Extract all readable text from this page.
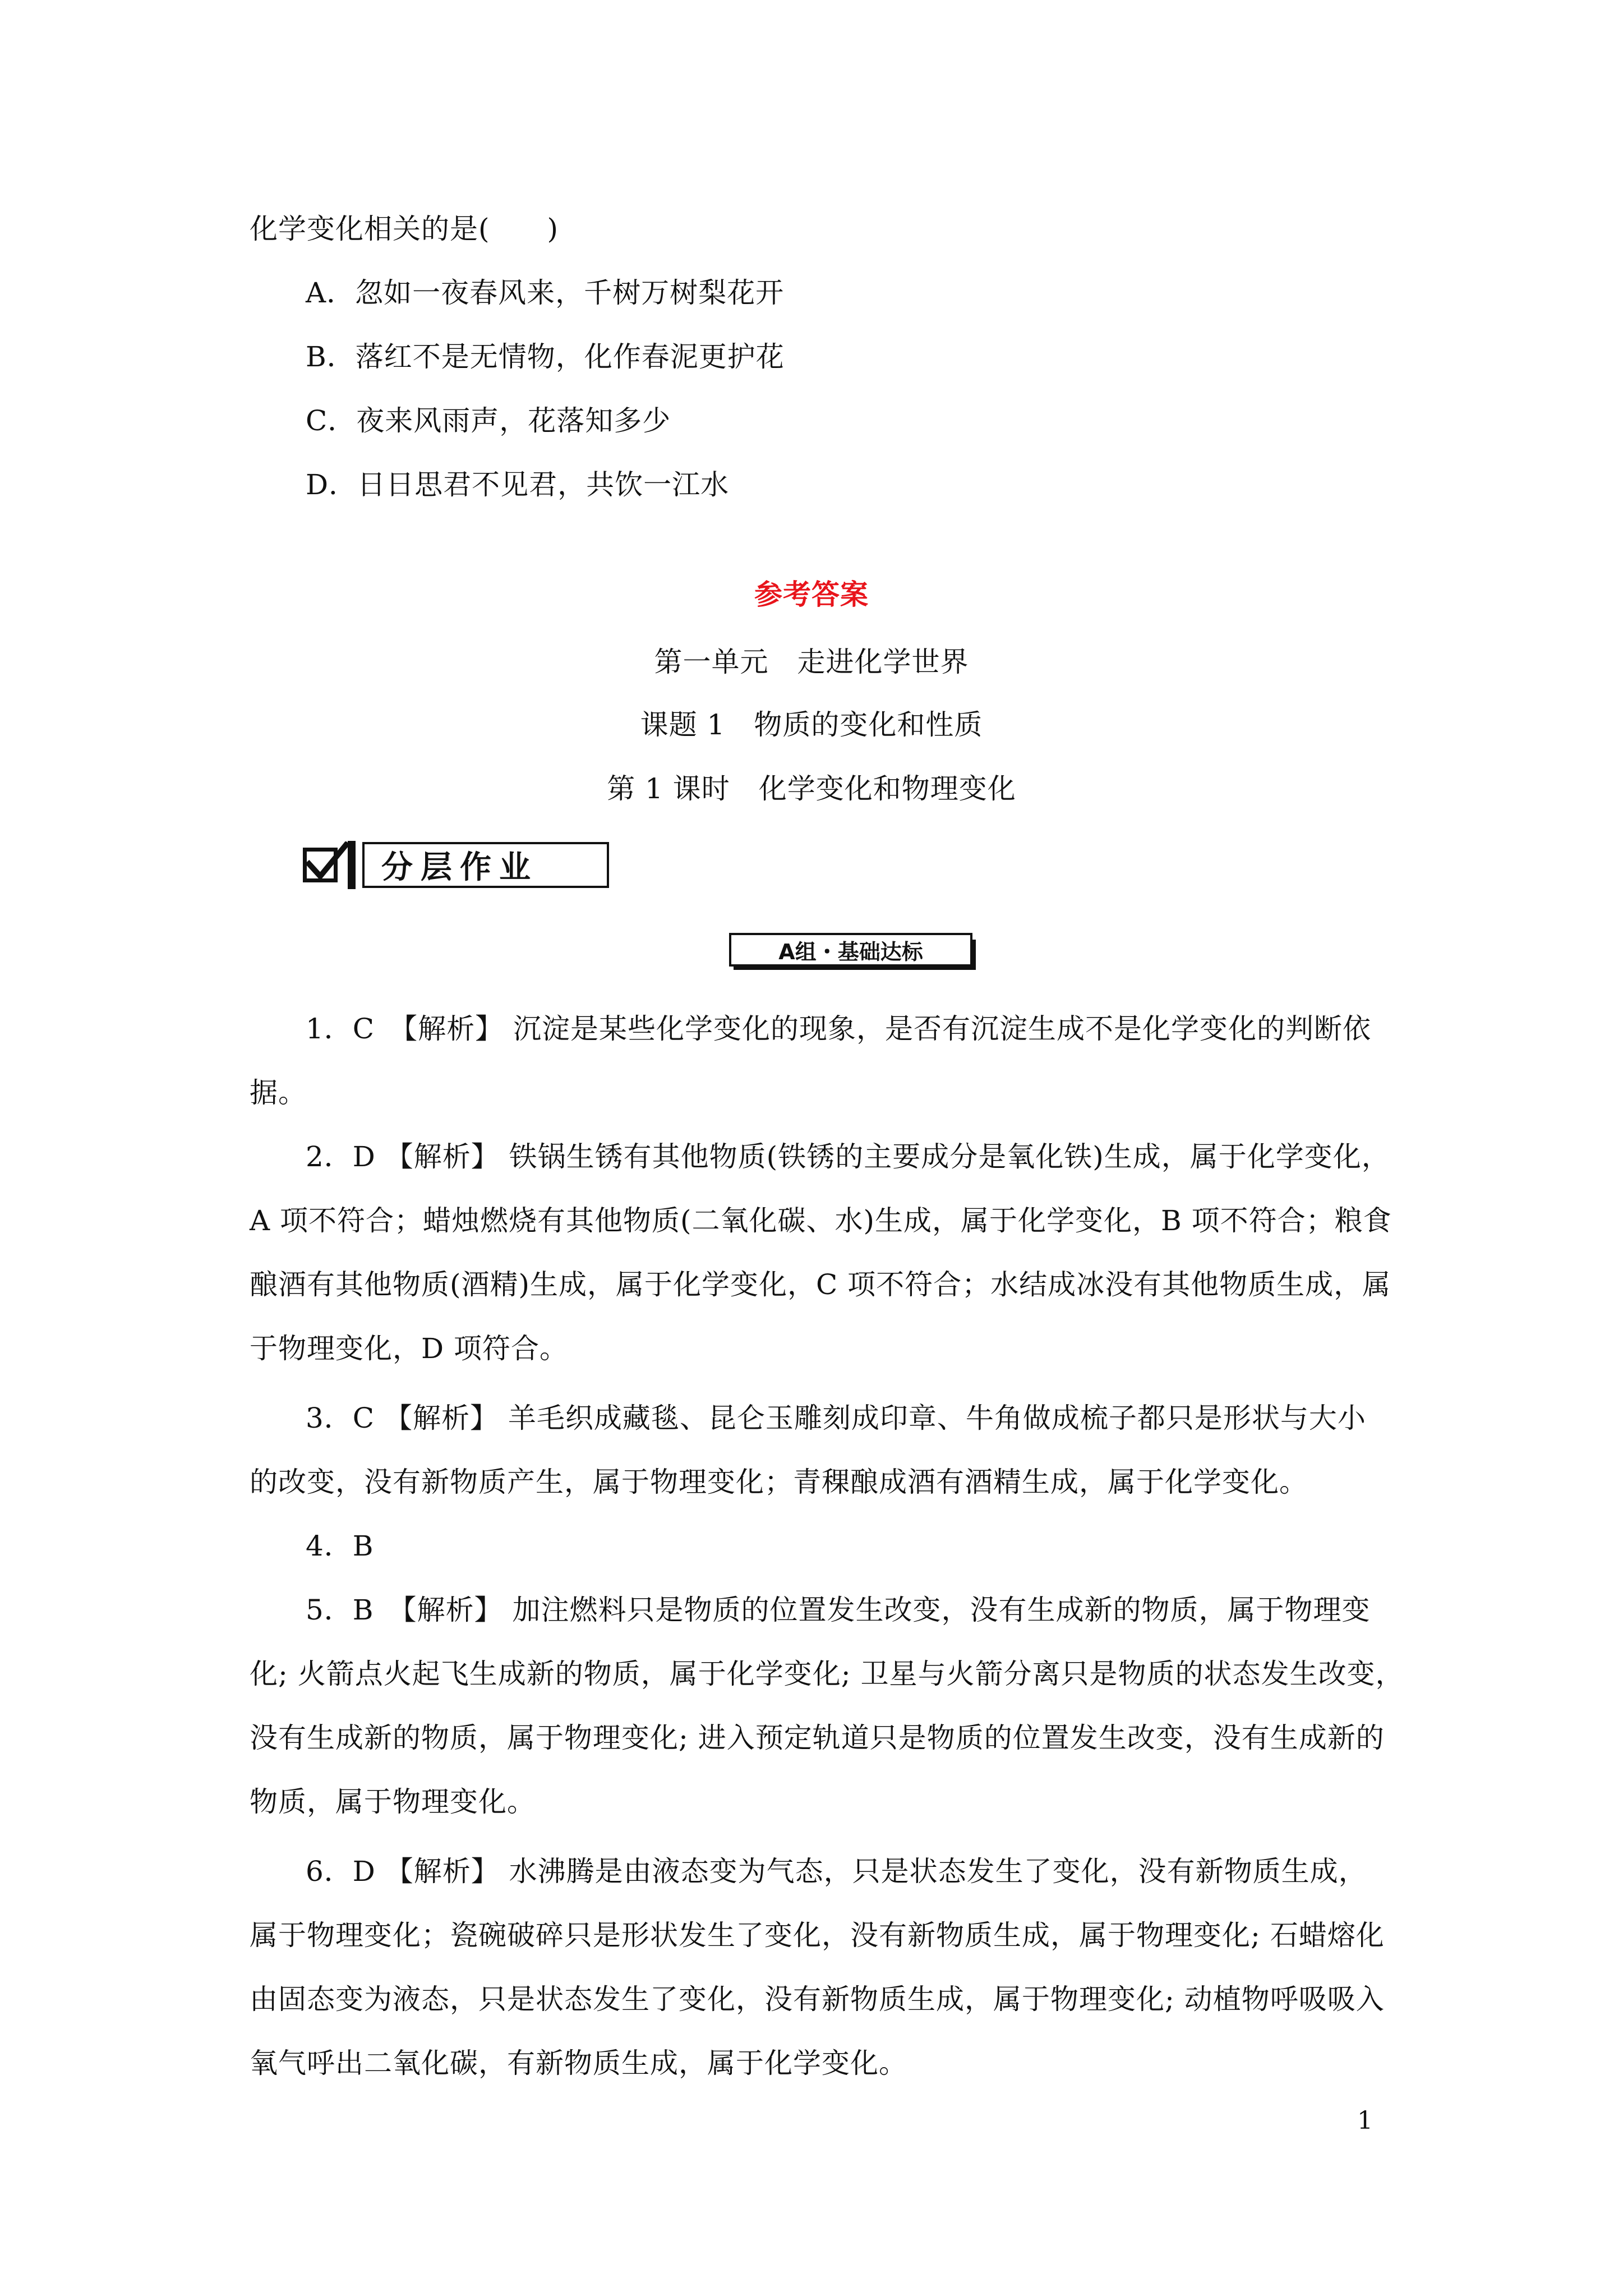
化学变化相关的是(　　)
A．忽如一夜春风来，千树万树梨花开
B．落红不是无情物，化作春泥更护花
C．夜来风雨声，花落知多少
D．日日思君不见君，共饮一江水
参考答案
第一单元　走进化学世界
课题 1　物质的变化和性质
第 1 课时　化学变化和物理变化
分层作业
A组・基础达标
1．C　【解析】 沉淀是某些化学变化的现象，是否有沉淀生成不是化学变化的判断依
据。
2．D 【解析】 铁锅生锈有其他物质(铁锈的主要成分是氧化铁)生成，属于化学变化，
A 项不符合；蜡烛燃烧有其他物质(二氧化碳、水)生成，属于化学变化，B 项不符合；粮食
酿酒有其他物质(酒精)生成，属于化学变化，C 项不符合；水结成冰没有其他物质生成，属
于物理变化，D 项符合。
3．C 【解析】 羊毛织成藏毯、昆仑玉雕刻成印章、牛角做成梳子都只是形状与大小
的改变，没有新物质产生，属于物理变化；青稞酿成酒有酒精生成，属于化学变化。
4．B
5．B　【解析】 加注燃料只是物质的位置发生改变，没有生成新的物质，属于物理变
化; 火箭点火起飞生成新的物质，属于化学变化; 卫星与火箭分离只是物质的状态发生改变，
没有生成新的物质，属于物理变化; 进入预定轨道只是物质的位置发生改变，没有生成新的
物质，属于物理变化。
6．D 【解析】 水沸腾是由液态变为气态，只是状态发生了变化，没有新物质生成，
属于物理变化；瓷碗破碎只是形状发生了变化，没有新物质生成，属于物理变化; 石蜡熔化
由固态变为液态，只是状态发生了变化，没有新物质生成，属于物理变化; 动植物呼吸吸入
氧气呼出二氧化碳，有新物质生成，属于化学变化。
1
